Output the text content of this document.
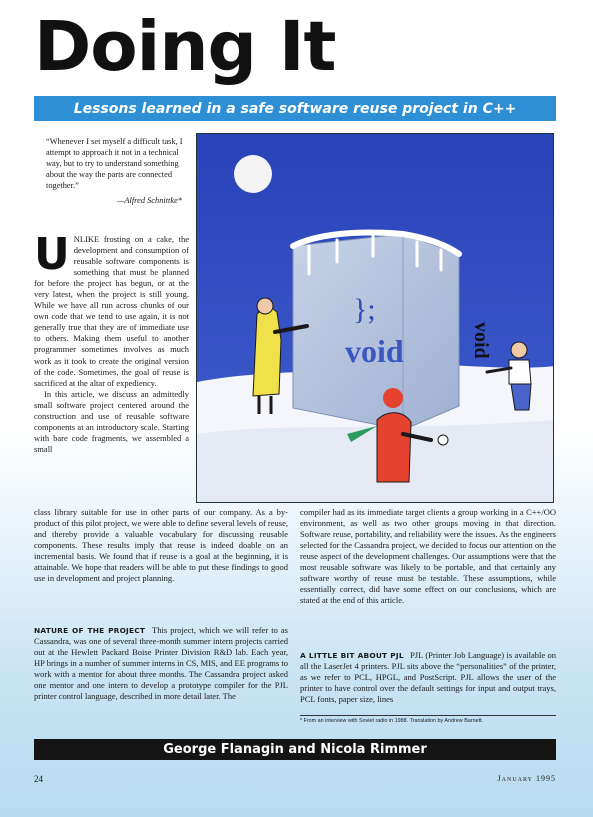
Doing It
Lessons learned in a safe software reuse project in C++
“Whenever I set myself a difficult task, I attempt to approach it not in a technical way, but to try to understand something about the way the parts are connected together.”
—Alfred Schnittke*
};
void	void
U NLIKE frosting on a cake, the development and consumption of reusable software components is something that must be planned for before the project has begun, or at the very latest, when the project is still young. While we have all run across chunks of our own code that we tend to use again, it is not generally true that they are of immediate use to others. Making them useful to another programmer sometimes involves as much work as it took to create the original version of the code. Sometimes, the goal of reuse is sacrificed at the altar of expediency.

In this article, we discuss an admittedly small software project centered around the construction and use of reusable software components at an introductory scale. Starting with bare code fragments, we assembled a small

class library suitable for use in other parts of our company. As a by-product of this pilot project, we were able to define several levels of reuse, and thereby provide a valuable vocabulary for discussing reusable components. These results imply that reuse is indeed doable on an incremental basis. We found that if reuse is a goal at the beginning, it is attainable. We hope that readers will be able to put these findings to good use in development and project planning.
NATURE OF THE PROJECT This project, which we will refer to as Cassandra, was one of several three-month summer intern projects carried out at the Hewlett Packard Boise Printer Division R&D lab. Each year, HP brings in a number of summer interns in CS, MIS, and EE programs to work with a mentor for about three months. The Cassandra project asked one mentor and one intern to develop a prototype compiler for the PJL printer control language, described in more detail later. The
compiler had as its immediate target clients a group working in a C++/OO environment, as well as two other groups moving in that direction. Software reuse, portability, and reliability were the issues. As the engineers selected for the Cassandra project, we decided to focus our attention on the reuse aspect of the development challenges. Our assumptions were that the most reusable software was likely to be portable, and that certainly any software worthy of reuse must be testable. These assumptions, while essentially correct, did have some effect on our conclusions, which are stated at the end of this article.
A LITTLE BIT ABOUT PJL PJL (Printer Job Language) is available on all the LaserJet 4 printers. PJL sits above the “personalities” of the printer, as we refer to PCL, HPGL, and PostScript. PJL allows the user of the printer to have control over the default settings for input and output trays, PCL fonts, paper size, lines
* From an interview with Soviet radio in 1988. Translation by Andrew Barnett.
George Flanagin and Nicola Rimmer
24	January 1995
